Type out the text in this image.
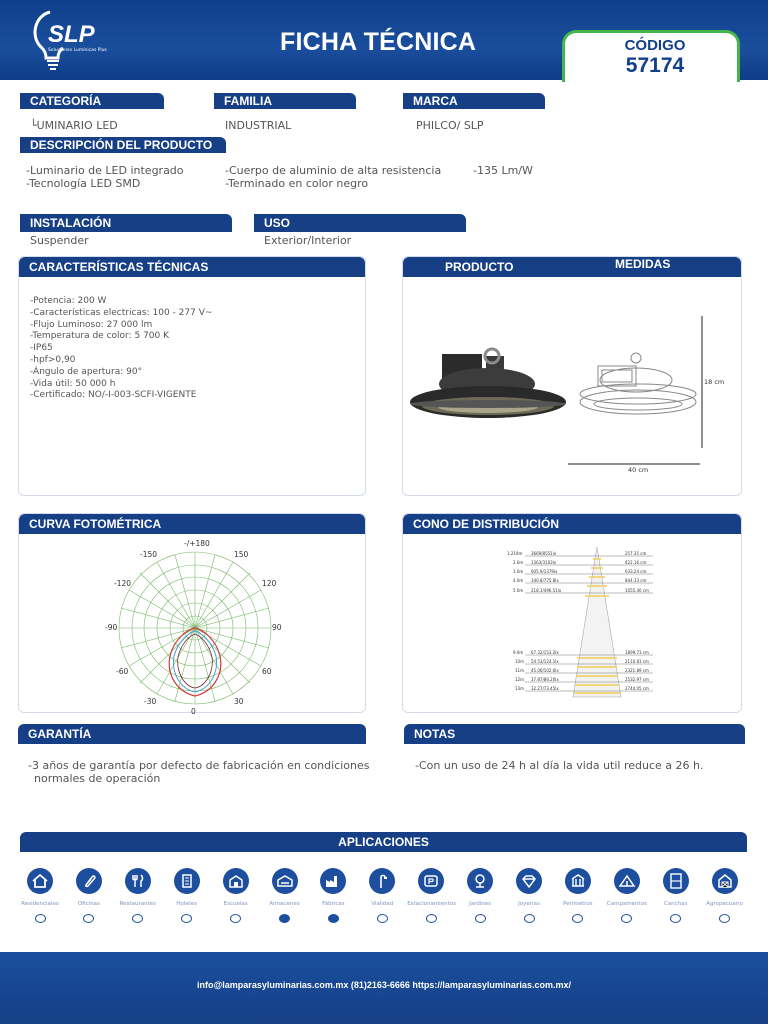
SLP
Soluciones Lumínicas Plus	FICHA TÉCNICA	CÓDIGO
57174
CATEGORÍA
└UMINARIO LED
FAMILIA
INDUSTRIAL
MARCA
PHILCO/ SLP
DESCRIPCIÓN DEL PRODUCTO
-Luminario de LED integrado
-Tecnología LED SMD
-Cuerpo de aluminio de alta resistencia
-Terminado en color negro
-135 Lm/W
INSTALACIÓN
Suspender
USO
Exterior/Interior
CARACTERÍSTICAS TÉCNICAS
-Potencia: 200 W
-Características electricas: 100 - 277 V~
-Flujo Luminoso: 27 000 lm
-Temperatura de color: 5 700 K
-IP65
-hpf>0,90
-Ángulo de apertura: 90°
-Vida útil: 50 000 h
-Certificado: NO/-I-003-SCFI-VIGENTE
PRODUCTO	MEDIDAS
18 cm
40 cm
CURVA FOTOMÉTRICA
-/+180
-150	150
-120	120
-90	90
-60	60
-30	30
0
CONO DE DISTRIBUCIÓN
1.219m 3669/8551lx	257.35 cm
2.0m 1363/3103lx	422.16 cm
3.0m 605.9/1379lx	633.24 cm
4.0m 340.8/775.8lx	844.33 cm
5.0m 218.1/496.51lx	1055.40 cm
9.0m 67.32/153.2lx	1899.73 cm
10m 54.53/124.1lx	2110.81 cm
11m 45.06/102.6lx	2321.89 cm
12m 37.87/86.20lx	2532.97 cm
13m 32.27/73.45lx	2744.05 cm
GARANTÍA
-3 años de garantía por defecto de fabricación en condiciones
normales de operación
NOTAS
-Con un uso de 24 h al día la vida util reduce a 26 h.
APLICACIONES
Residenciales	Oficinas	Restaurantes	Hoteles	Escuelas	Almacenes	Fábricas	Vialidad	Estacionamientos	Jardines	Joyerías	Perímetros	Campamentos	Canchas	Agropecuario
info@lamparasyluminarias.com.mx (81)2163-6666 https://lamparasyluminarias.com.mx/
